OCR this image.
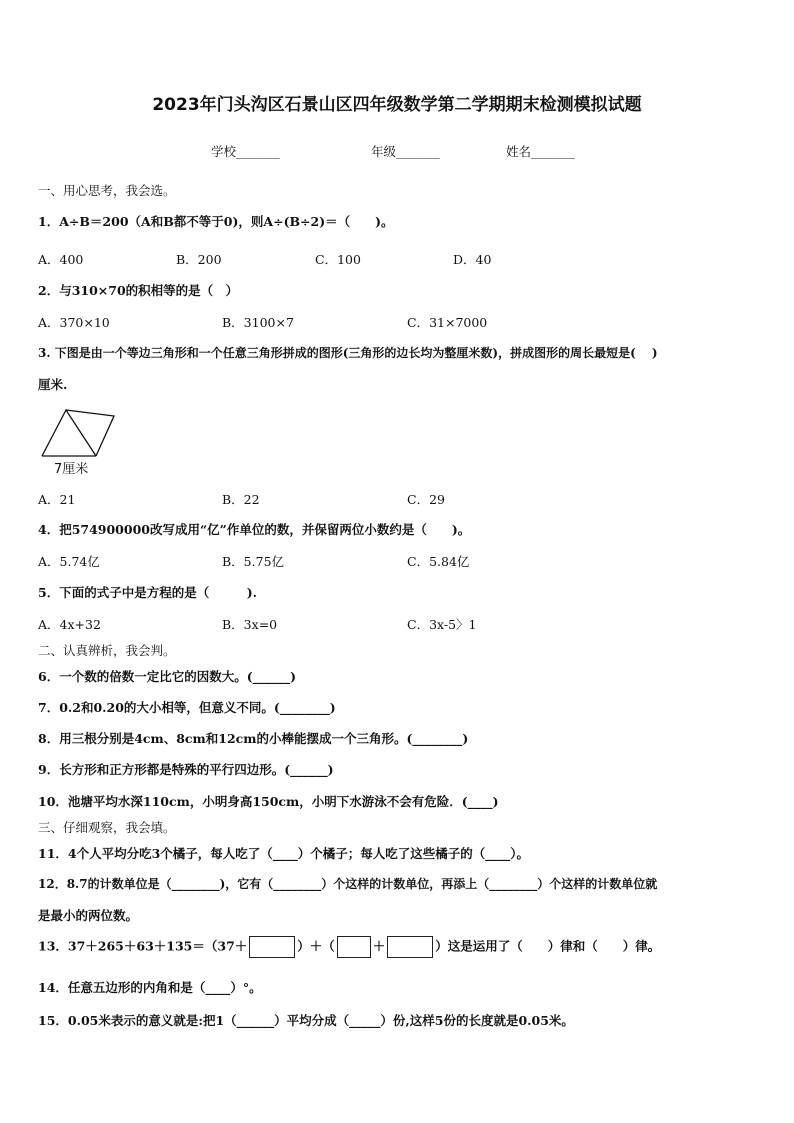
2023年门头沟区石景山区四年级数学第二学期期末检测模拟试题
学校_______	年级_______	姓名_______
一、用心思考，我会选。
1．A÷B＝200（A和B都不等于0)，则A÷(B÷2)＝（　　)。
A．400	B．200	C．100	D．40
2．与310×70的积相等的是（　）
A．370×10	B．3100×7	C．31×7000
3. 下图是由一个等边三角形和一个任意三角形拼成的图形(三角形的边长均为整厘米数)，拼成图形的周长最短是(　 )
厘米.
7厘米
A．21	B．22	C．29
4．把574900000改写成用“亿”作单位的数，并保留两位小数约是（　　)。
A．5.74亿	B．5.75亿	C．5.84亿
5．下面的式子中是方程的是（　　　).
A．4x+32	B．3x=0	C．3x-5〉1
二、认真辨析，我会判。
6．一个数的倍数一定比它的因数大。(______)
7．0.2和0.20的大小相等，但意义不同。(________)
8．用三根分别是4cm、8cm和12cm的小棒能摆成一个三角形。(________)
9．长方形和正方形都是特殊的平行四边形。(______)
10．池塘平均水深110cm，小明身高150cm，小明下水游泳不会有危险．(____)
三、仔细观察，我会填。
11．4个人平均分吃3个橘子，每人吃了（____）个橘子；每人吃了这些橘子的（____）。
12．8.7的计数单位是（________)，它有（________）个这样的计数单位，再添上（________）个这样的计数单位就
是最小的两位数。
13．37＋265＋63＋135＝（37＋	）＋（	＋	）这是运用了（　　）律和（　　）律。
14．任意五边形的内角和是（____）°。
15．0.05米表示的意义就是:把1（______）平均分成（_____）份,这样5份的长度就是0.05米。
